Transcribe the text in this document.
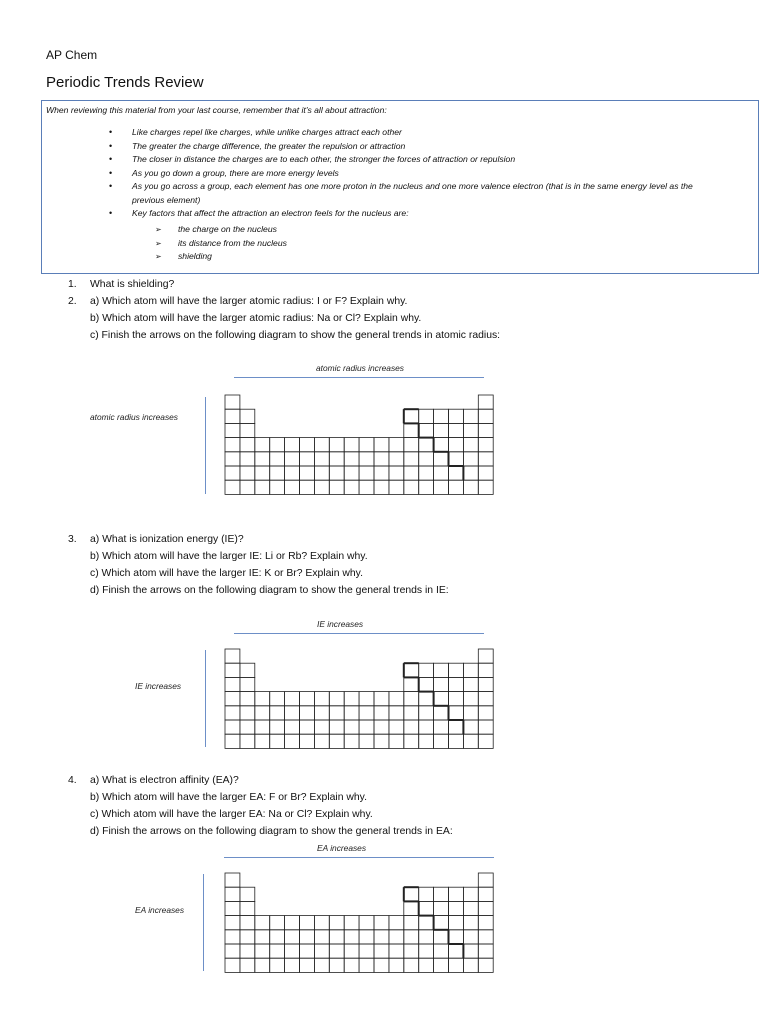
AP Chem
Periodic Trends Review
When reviewing this material from your last course, remember that it's all about attraction:
• Like charges repel like charges, while unlike charges attract each other
• The greater the charge difference, the greater the repulsion or attraction
• The closer in distance the charges are to each other, the stronger the forces of attraction or repulsion
• As you go down a group, there are more energy levels
• As you go across a group, each element has one more proton in the nucleus and one more valence electron (that is in the same energy level as the previous element)
• Key factors that affect the attraction an electron feels for the nucleus are:
➢ the charge on the nucleus
➢ its distance from the nucleus
➢ shielding
1. What is shielding?
2. a) Which atom will have the larger atomic radius: I or F? Explain why.
b) Which atom will have the larger atomic radius: Na or Cl? Explain why.
c) Finish the arrows on the following diagram to show the general trends in atomic radius:
atomic radius increases
atomic radius increases
3. a) What is ionization energy (IE)?
b) Which atom will have the larger IE: Li or Rb? Explain why.
c) Which atom will have the larger IE: K or Br? Explain why.
d) Finish the arrows on the following diagram to show the general trends in IE:
IE increases
IE increases
4. a) What is electron affinity (EA)?
b) Which atom will have the larger EA: F or Br? Explain why.
c) Which atom will have the larger EA: Na or Cl? Explain why.
d) Finish the arrows on the following diagram to show the general trends in EA:
EA increases
EA increases
